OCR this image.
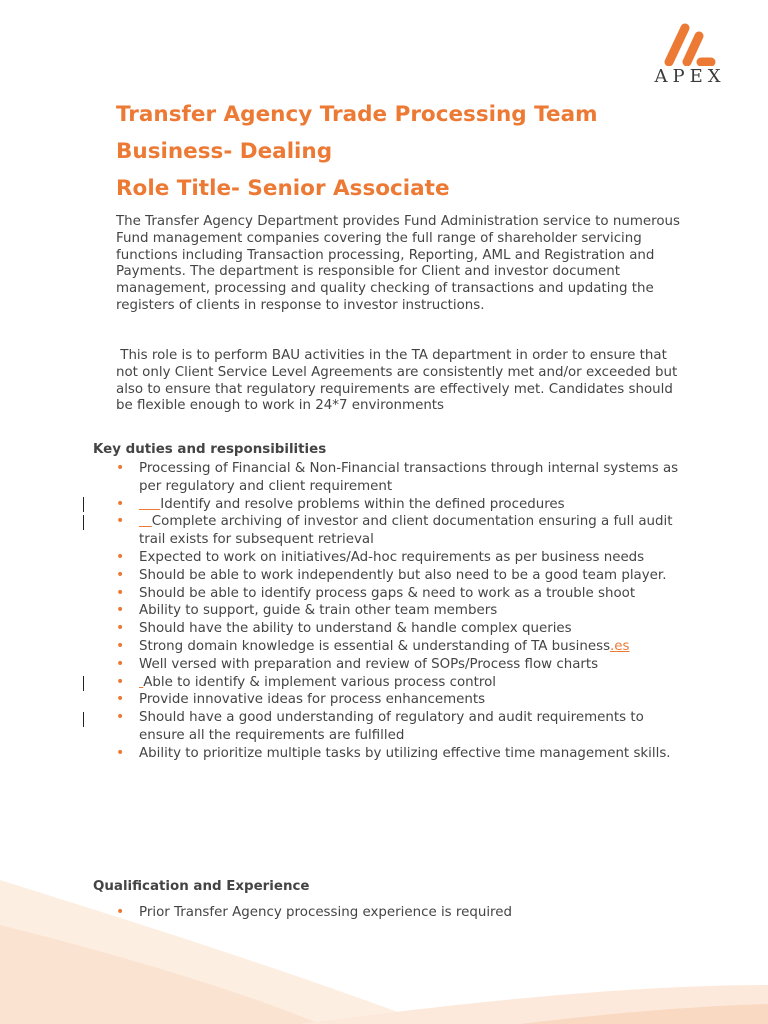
APEX
Transfer Agency Trade Processing Team
Business- Dealing
Role Title- Senior Associate

The Transfer Agency Department provides Fund Administration service to numerous Fund management companies covering the full range of shareholder servicing functions including Transaction processing, Reporting, AML and Registration and Payments. The department is responsible for Client and investor document management, processing and quality checking of transactions and updating the registers of clients in response to investor instructions.

This role is to perform BAU activities in the TA department in order to ensure that not only Client Service Level Agreements are consistently met and/or exceeded but also to ensure that regulatory requirements are effectively met. Candidates should be flexible enough to work in 24*7 environments

Key duties and responsibilities
• Processing of Financial & Non-Financial transactions through internal systems as per regulatory and client requirement
• ​     Identify and resolve problems within the defined procedures
• ​   Complete archiving of investor and client documentation ensuring a full audit trail exists for subsequent retrieval
• Expected to work on initiatives/Ad-hoc requirements as per business needs
• Should be able to work independently but also need to be a good team player.
• Should be able to identify process gaps & need to work as a trouble shoot
• Ability to support, guide & train other team members
• Should have the ability to understand & handle complex queries
• Strong domain knowledge is essential & understanding of TA business.es
• Well versed with preparation and review of SOPs/Process flow charts
• ​ Able to identify & implement various process control
• Provide innovative ideas for process enhancements
• Should have a good understanding of regulatory and audit requirements to ensure all the requirements are fulfilled
• Ability to prioritize multiple tasks by utilizing effective time management skills.
Qualification and Experience
• Prior Transfer Agency processing experience is required
